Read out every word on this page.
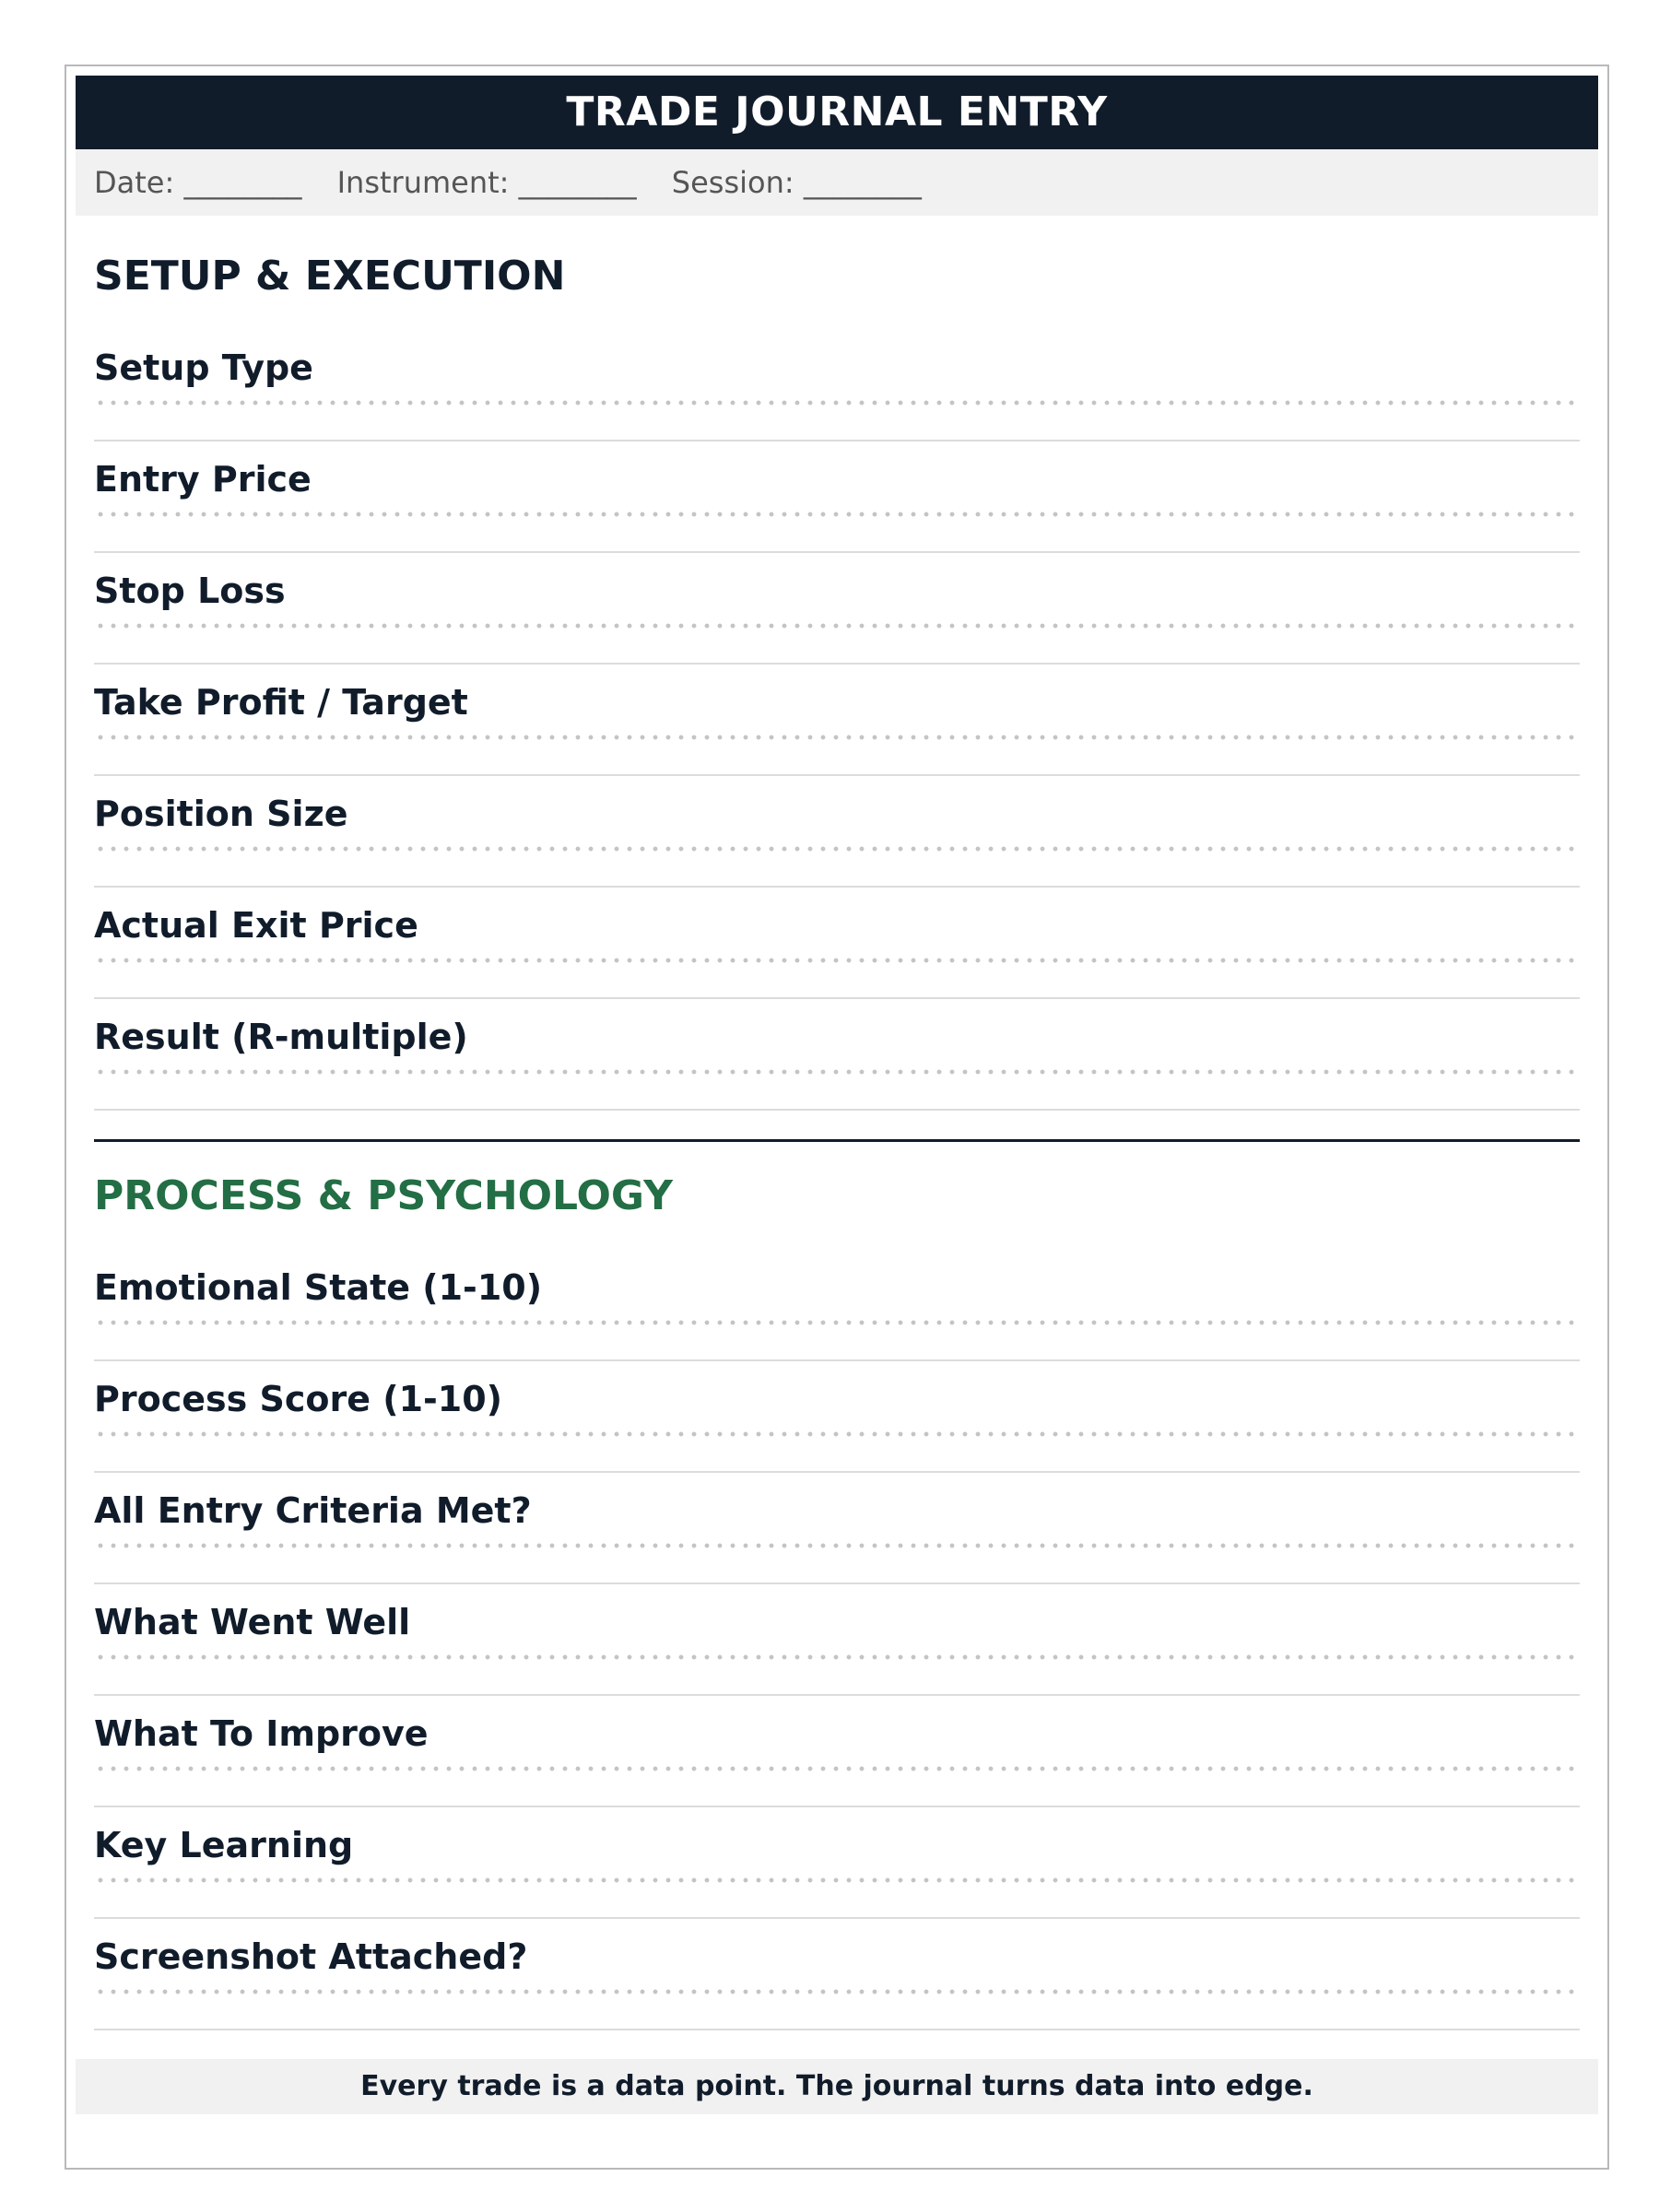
TRADE JOURNAL ENTRY
Date: ________ Instrument: ________ Session: ________
SETUP & EXECUTION
Setup Type
Entry Price
Stop Loss
Take Profit / Target
Position Size
Actual Exit Price
Result (R-multiple)
PROCESS & PSYCHOLOGY
Emotional State (1-10)
Process Score (1-10)
All Entry Criteria Met?
What Went Well
What To Improve
Key Learning
Screenshot Attached?
Every trade is a data point. The journal turns data into edge.
